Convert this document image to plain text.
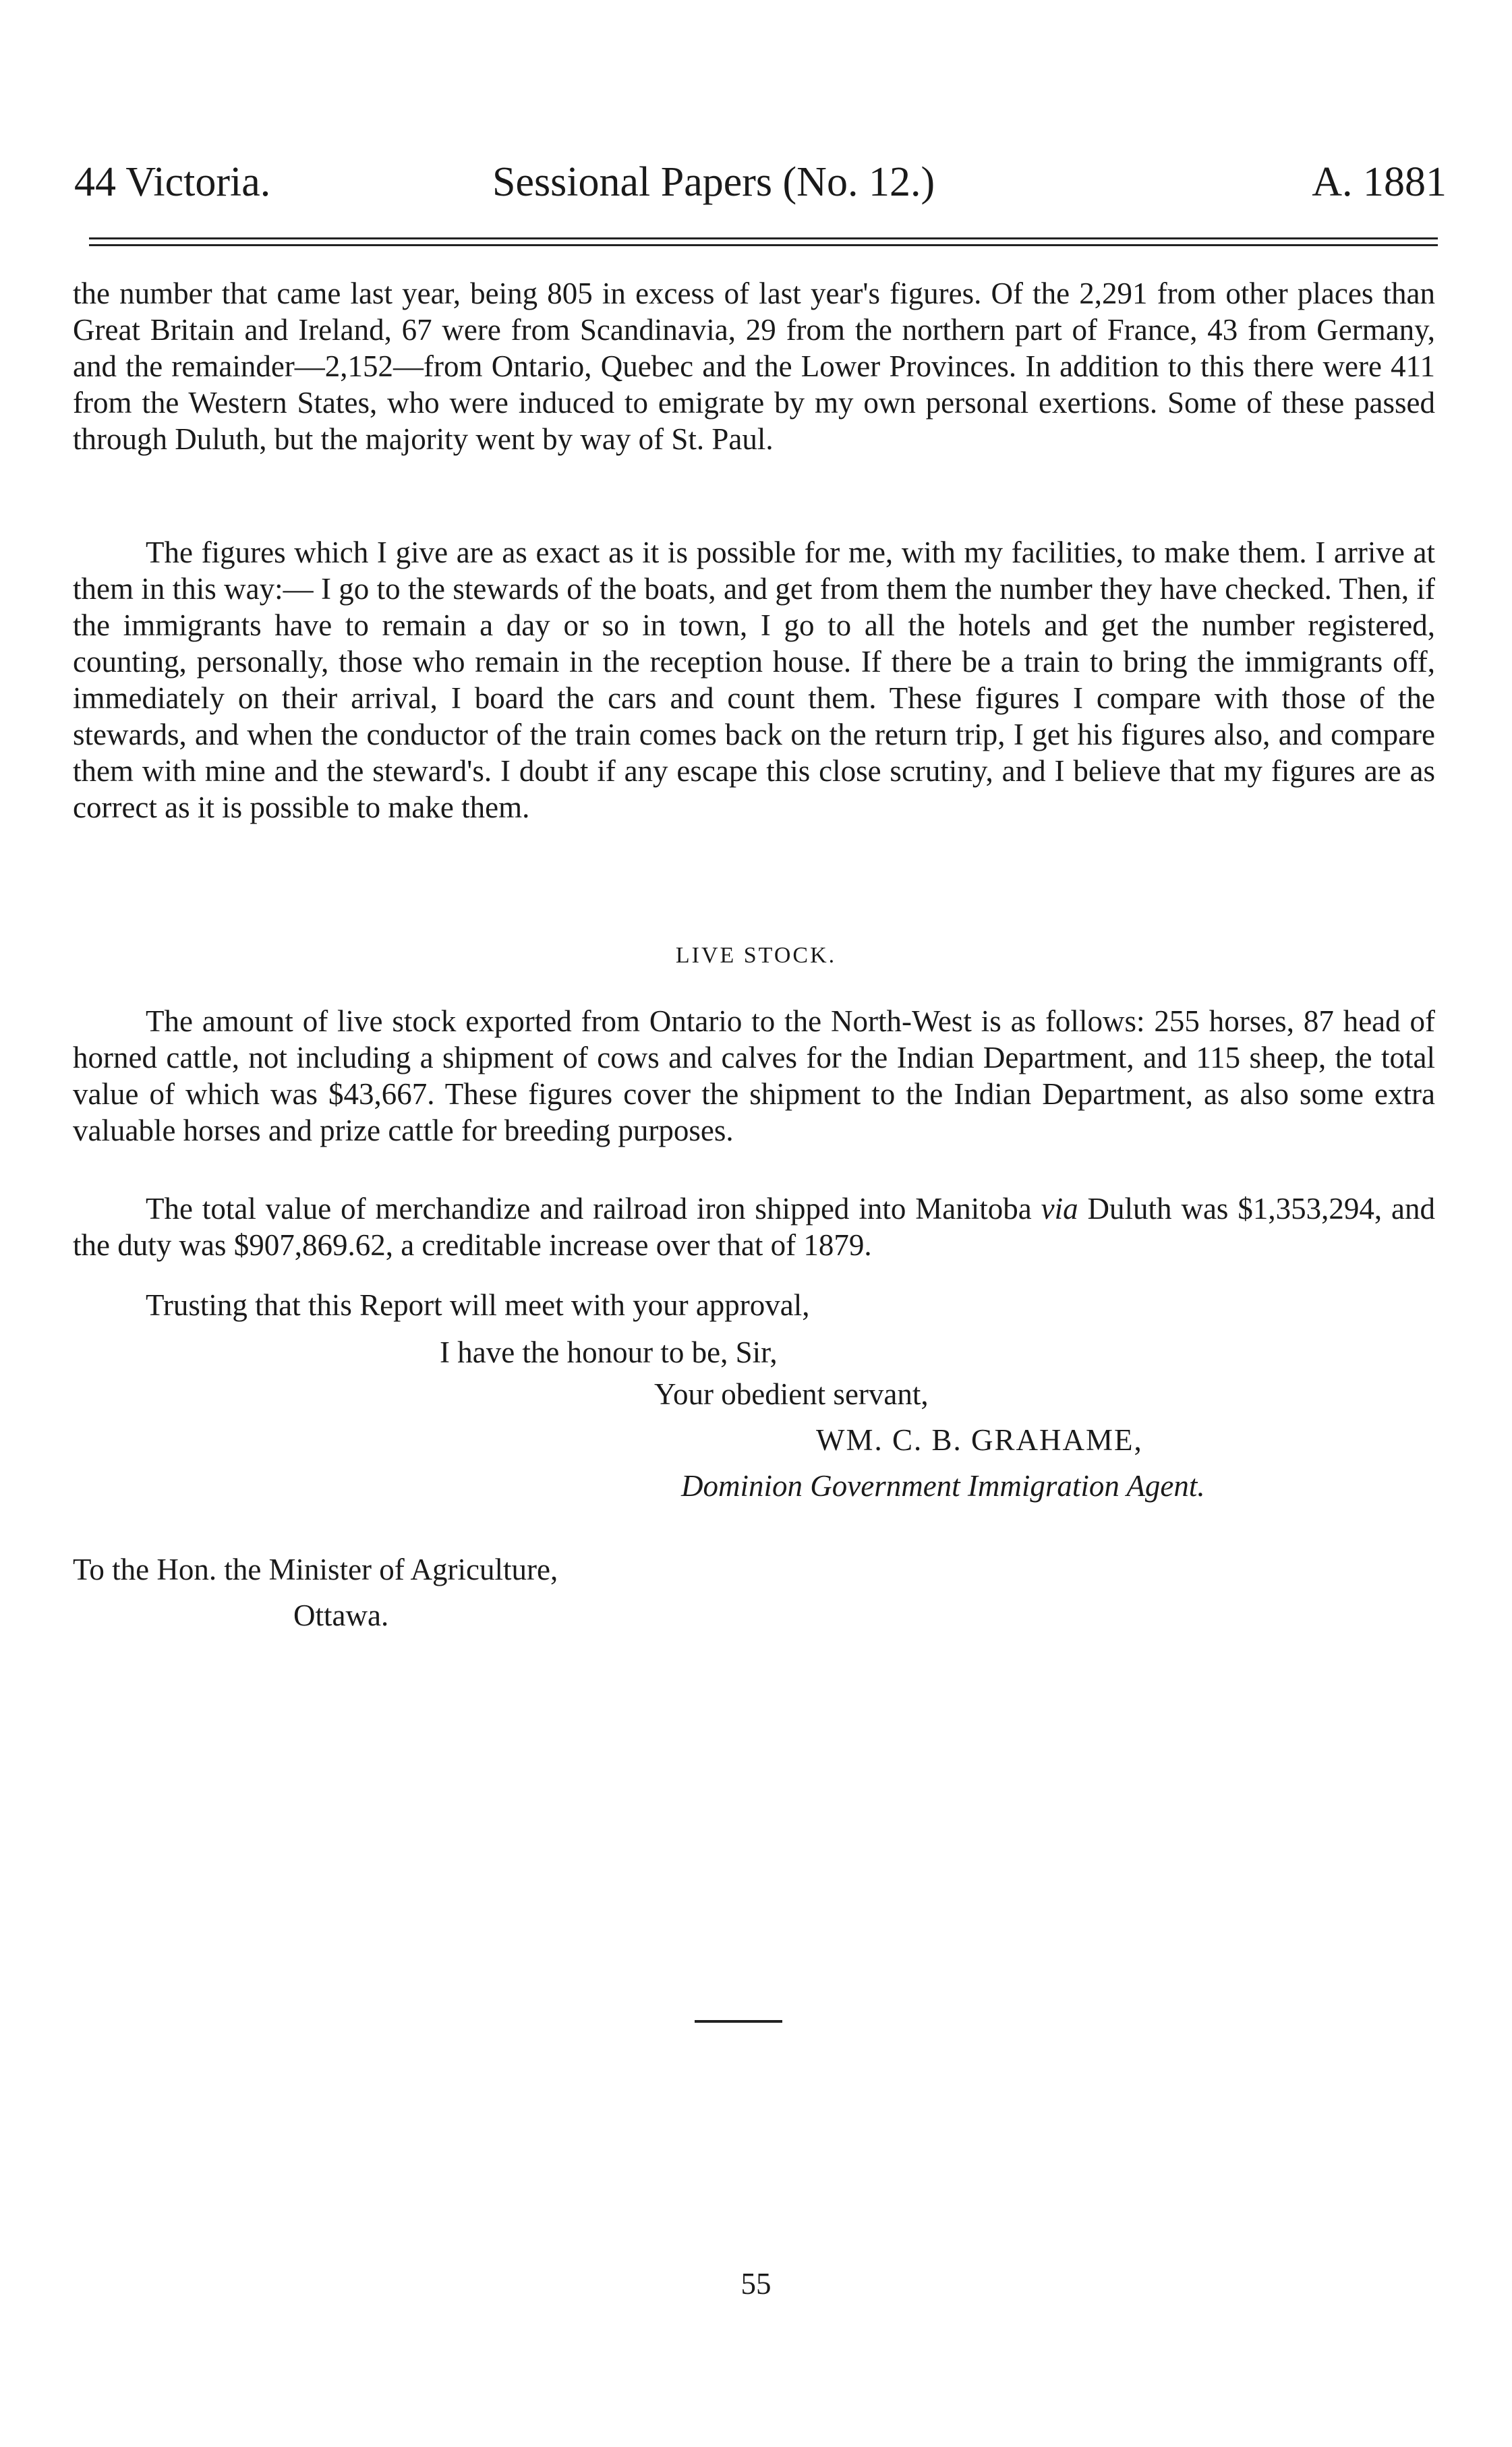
44 Victoria.	Sessional Papers (No. 12.)	A. 1881

the number that came last year, being 805 in excess of last year's figures. Of the 2,291 from other places than Great Britain and Ireland, 67 were from Scandinavia, 29 from the northern part of France, 43 from Germany, and the remainder—2,152—from Ontario, Quebec and the Lower Provinces. In addition to this there were 411 from the Western States, who were induced to emigrate by my own personal exertions. Some of these passed through Duluth, but the majority went by way of St. Paul.

The figures which I give are as exact as it is possible for me, with my facilities, to make them. I arrive at them in this way:— I go to the stewards of the boats, and get from them the number they have checked. Then, if the immigrants have to remain a day or so in town, I go to all the hotels and get the number registered, counting, personally, those who remain in the reception house. If there be a train to bring the immigrants off, immediately on their arrival, I board the cars and count them. These figures I compare with those of the stewards, and when the conductor of the train comes back on the return trip, I get his figures also, and compare them with mine and the steward's. I doubt if any escape this close scrutiny, and I believe that my figures are as correct as it is possible to make them.

LIVE STOCK.

The amount of live stock exported from Ontario to the North-West is as follows: 255 horses, 87 head of horned cattle, not including a shipment of cows and calves for the Indian Department, and 115 sheep, the total value of which was $43,667. These figures cover the shipment to the Indian Department, as also some extra valuable horses and prize cattle for breeding purposes.

The total value of merchandize and railroad iron shipped into Manitoba via Duluth was $1,353,294, and the duty was $907,869.62, a creditable increase over that of 1879.

Trusting that this Report will meet with your approval,

I have the honour to be, Sir,
Your obedient servant,
WM. C. B. GRAHAME,
Dominion Government Immigration Agent.
To the Hon. the Minister of Agriculture,
Ottawa.
55
